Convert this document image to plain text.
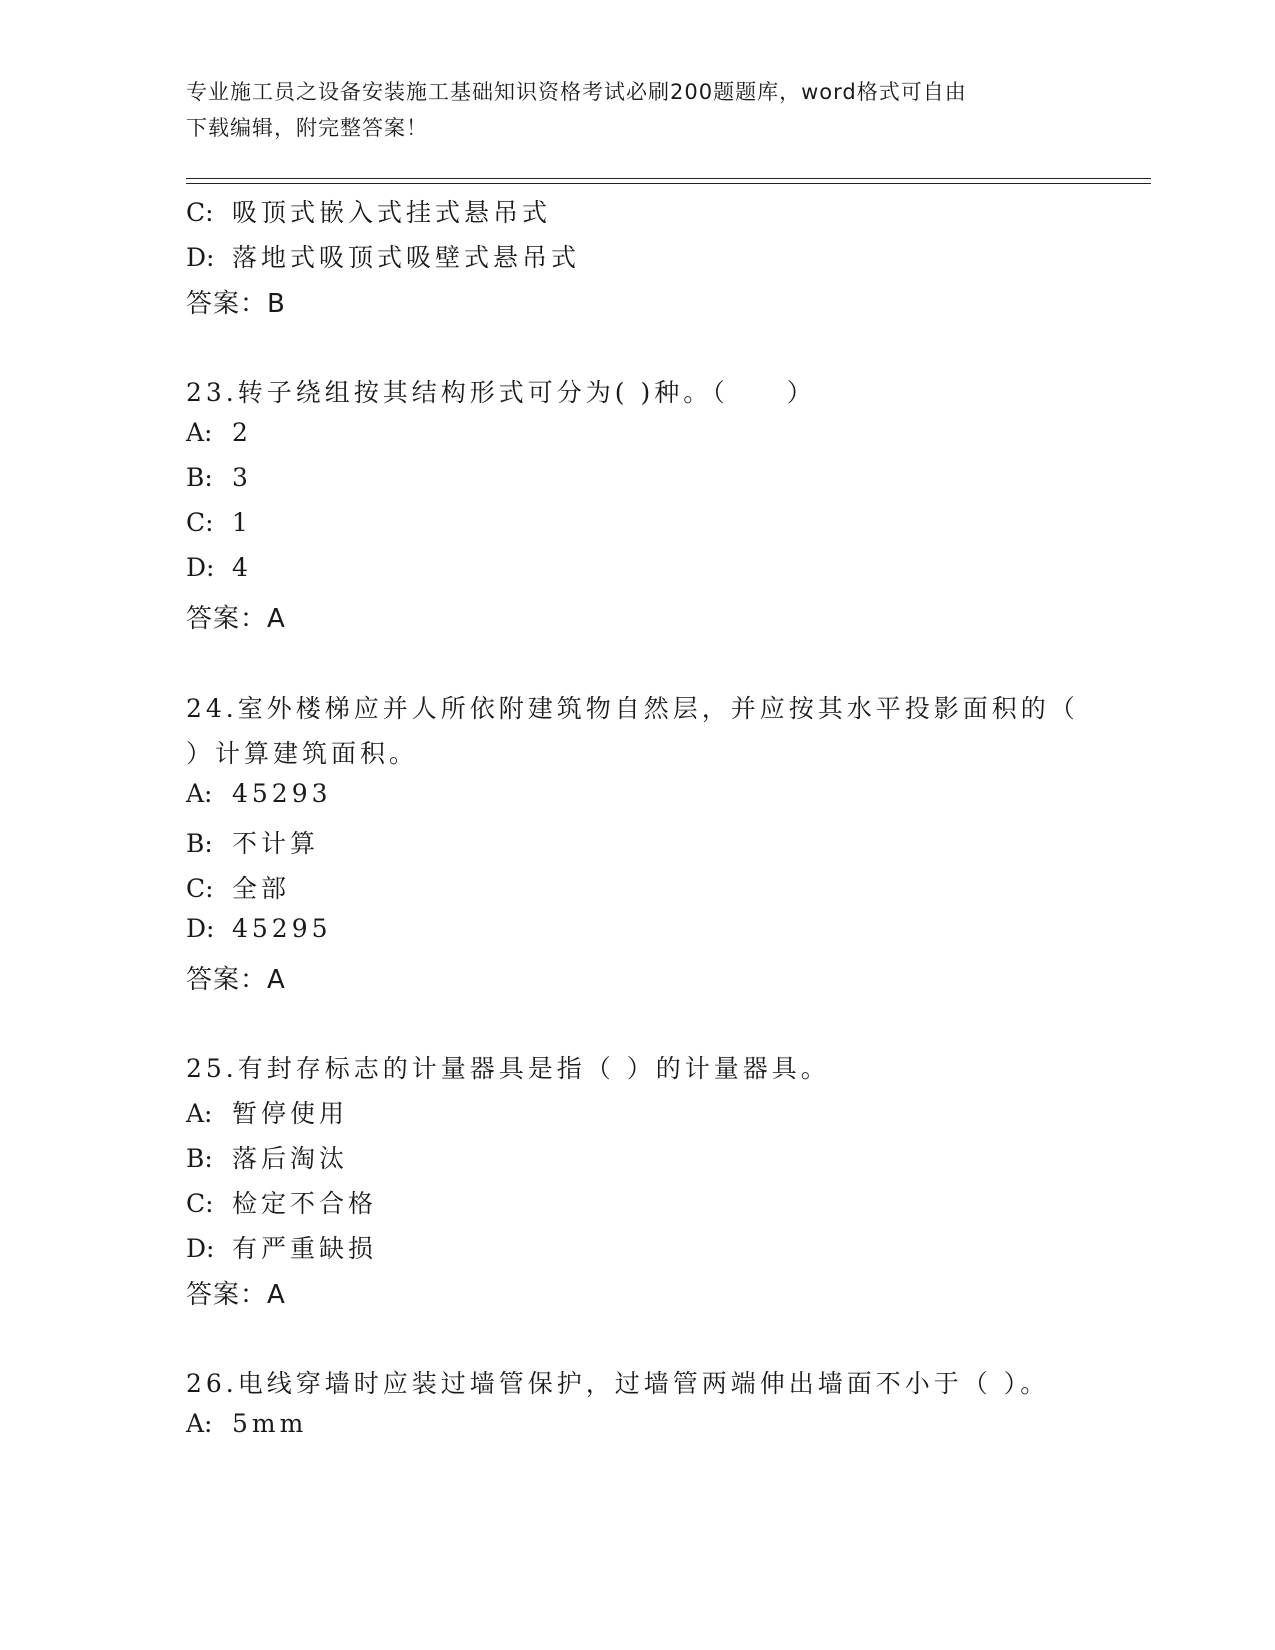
专业施工员之设备安装施工基础知识资格考试必刷200题题库，word格式可自由
下载编辑，附完整答案！
C: 吸顶式嵌入式挂式悬吊式
D: 落地式吸顶式吸壁式悬吊式
答案：B
23.转子绕组按其结构形式可分为( )种。（　　）
A: 2
B: 3
C: 1
D: 4
答案：A
24.室外楼梯应并人所依附建筑物自然层，并应按其水平投影面积的（
）计算建筑面积。
A: 45293
B: 不计算
C: 全部
D: 45295
答案：A
25.有封存标志的计量器具是指（ ）的计量器具。
A: 暂停使用
B: 落后淘汰
C: 检定不合格
D: 有严重缺损
答案：A
26.电线穿墙时应装过墙管保护，过墙管两端伸出墙面不小于（ ）。
A: 5mm
